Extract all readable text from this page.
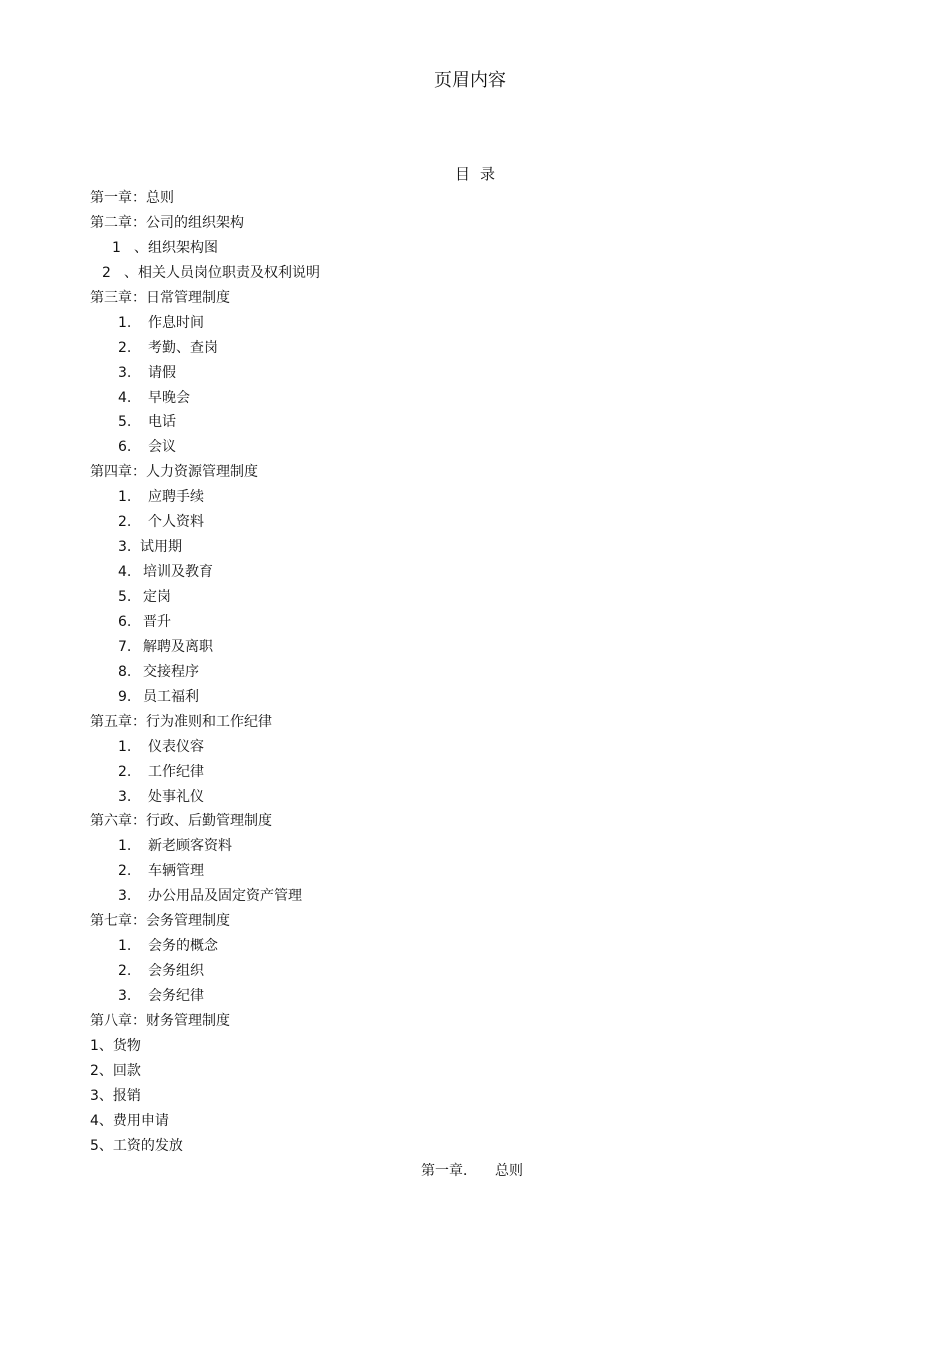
页眉内容
目录
第一章：总则
第二章：公司的组织架构
1 、组织架构图
2 、相关人员岗位职责及权利说明
第三章：日常管理制度
1. 作息时间
2. 考勤、查岗
3. 请假
4. 早晚会
5. 电话
6. 会议
第四章：人力资源管理制度
1. 应聘手续
2. 个人资料
3. 试用期
4. 培训及教育
5. 定岗
6. 晋升
7. 解聘及离职
8. 交接程序
9. 员工福利
第五章：行为准则和工作纪律
1. 仪表仪容
2. 工作纪律
3. 处事礼仪
第六章：行政、后勤管理制度
1. 新老顾客资料
2. 车辆管理
3. 办公用品及固定资产管理
第七章：会务管理制度
1. 会务的概念
2. 会务组织
3. 会务纪律
第八章：财务管理制度
1、货物
2、回款
3、报销
4、费用申请
5、工资的发放
第一章． 总则
